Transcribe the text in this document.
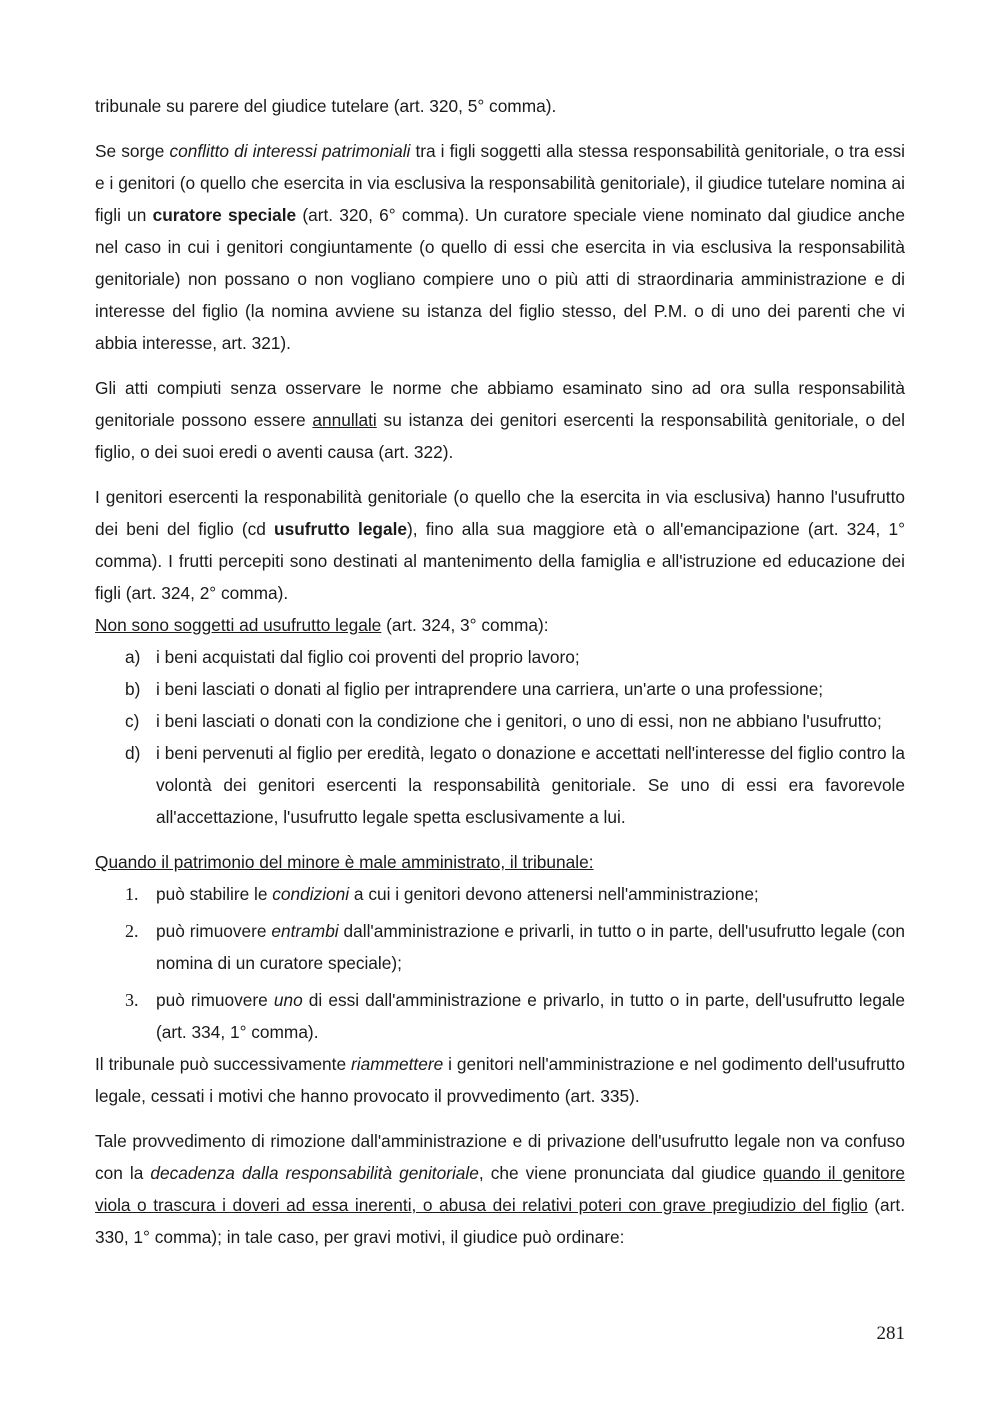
tribunale su parere del giudice tutelare (art. 320, 5° comma).

Se sorge conflitto di interessi patrimoniali tra i figli soggetti alla stessa responsabilità genitoriale, o tra essi e i genitori (o quello che esercita in via esclusiva la responsabilità genitoriale), il giudice tutelare nomina ai figli un curatore speciale (art. 320, 6° comma). Un curatore speciale viene nominato dal giudice anche nel caso in cui i genitori congiuntamente (o quello di essi che esercita in via esclusiva la responsabilità genitoriale) non possano o non vogliano compiere uno o più atti di straordinaria amministrazione e di interesse del figlio (la nomina avviene su istanza del figlio stesso, del P.M. o di uno dei parenti che vi abbia interesse, art. 321).

Gli atti compiuti senza osservare le norme che abbiamo esaminato sino ad ora sulla responsabilità genitoriale possono essere annullati su istanza dei genitori esercenti la responsabilità genitoriale, o del figlio, o dei suoi eredi o aventi causa (art. 322).

I genitori esercenti la responabilità genitoriale (o quello che la esercita in via esclusiva) hanno l'usufrutto dei beni del figlio (cd usufrutto legale), fino alla sua maggiore età o all'emancipazione (art. 324, 1° comma). I frutti percepiti sono destinati al mantenimento della famiglia e all'istruzione ed educazione dei figli (art. 324, 2° comma).

Non sono soggetti ad usufrutto legale (art. 324, 3° comma):

a) i beni acquistati dal figlio coi proventi del proprio lavoro;
b) i beni lasciati o donati al figlio per intraprendere una carriera, un'arte o una professione;
c) i beni lasciati o donati con la condizione che i genitori, o uno di essi, non ne abbiano l'usufrutto;
d) i beni pervenuti al figlio per eredità, legato o donazione e accettati nell'interesse del figlio contro la volontà dei genitori esercenti la responsabilità genitoriale. Se uno di essi era favorevole all'accettazione, l'usufrutto legale spetta esclusivamente a lui.

Quando il patrimonio del minore è male amministrato, il tribunale:

1. può stabilire le condizioni a cui i genitori devono attenersi nell'amministrazione;
2. può rimuovere entrambi dall'amministrazione e privarli, in tutto o in parte, dell'usufrutto legale (con nomina di un curatore speciale);
3. può rimuovere uno di essi dall'amministrazione e privarlo, in tutto o in parte, dell'usufrutto legale (art. 334, 1° comma).

Il tribunale può successivamente riammettere i genitori nell'amministrazione e nel godimento dell'usufrutto legale, cessati i motivi che hanno provocato il provvedimento (art. 335).

Tale provvedimento di rimozione dall'amministrazione e di privazione dell'usufrutto legale non va confuso con la decadenza dalla responsabilità genitoriale, che viene pronunciata dal giudice quando il genitore viola o trascura i doveri ad essa inerenti, o abusa dei relativi poteri con grave pregiudizio del figlio (art. 330, 1° comma); in tale caso, per gravi motivi, il giudice può ordinare:

281
